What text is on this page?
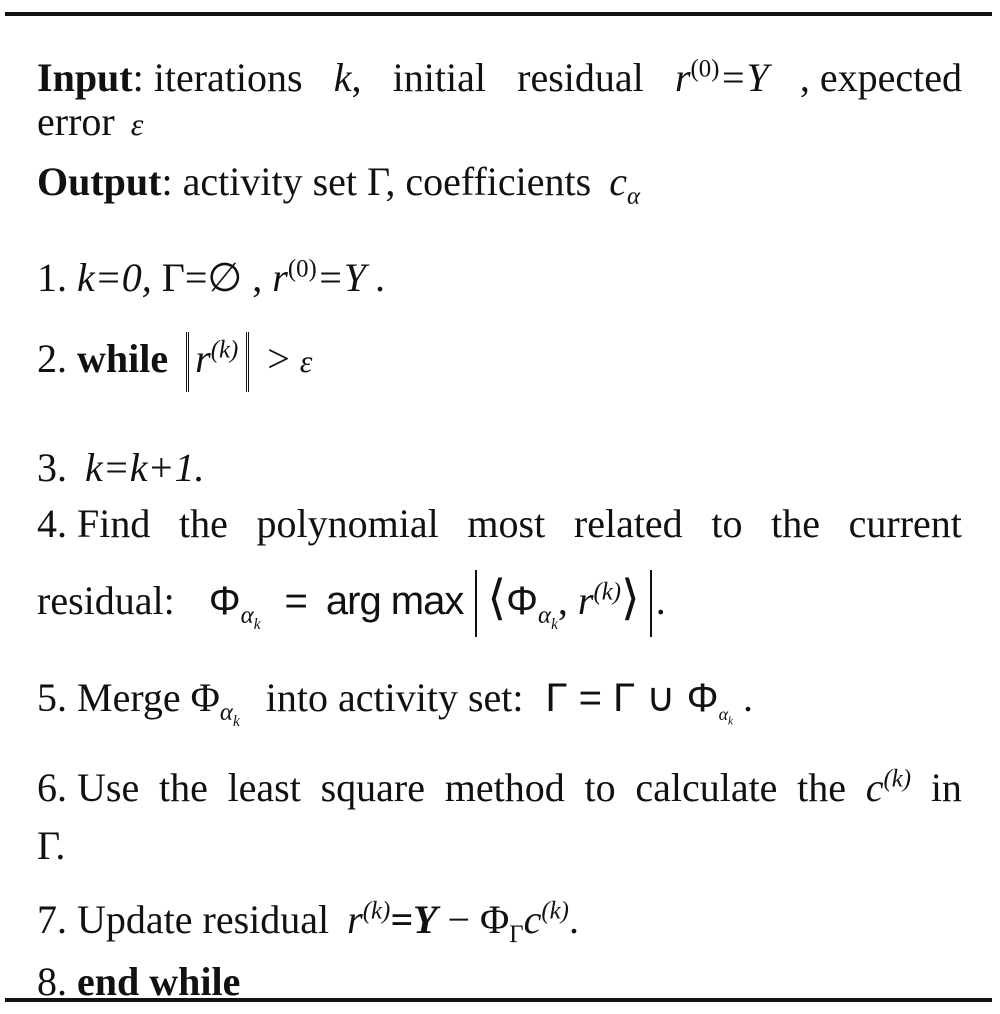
Input: iterations k, initial residual $r^{(0)}=Y$ , expected
error ε
Output: activity set Γ, coefficients $c_\alpha$
1. k=0, Γ=∅ , $r^{(0)}=Y$ .
2. while $r^{(k)} > \varepsilon$
3. k=k+1.
4. Find the polynomial most related to the current
residual: $\Phi_{\alpha_k}$ = arg $\max ⟨\Phi_{\alpha_k}$, $r^{(k)}⟩$ .
5. Merge $\Phi_{\alpha_k}$ into activity set: Γ = Γ ∪ $\Phi_{\alpha_k}$ .
6. Use the least square method to calculate the $c^{(k)}$ in
Γ.
7. Update residual $r^{(k)}=Y - \Phi_\Gamma c^{(k)}$.
8. end while
